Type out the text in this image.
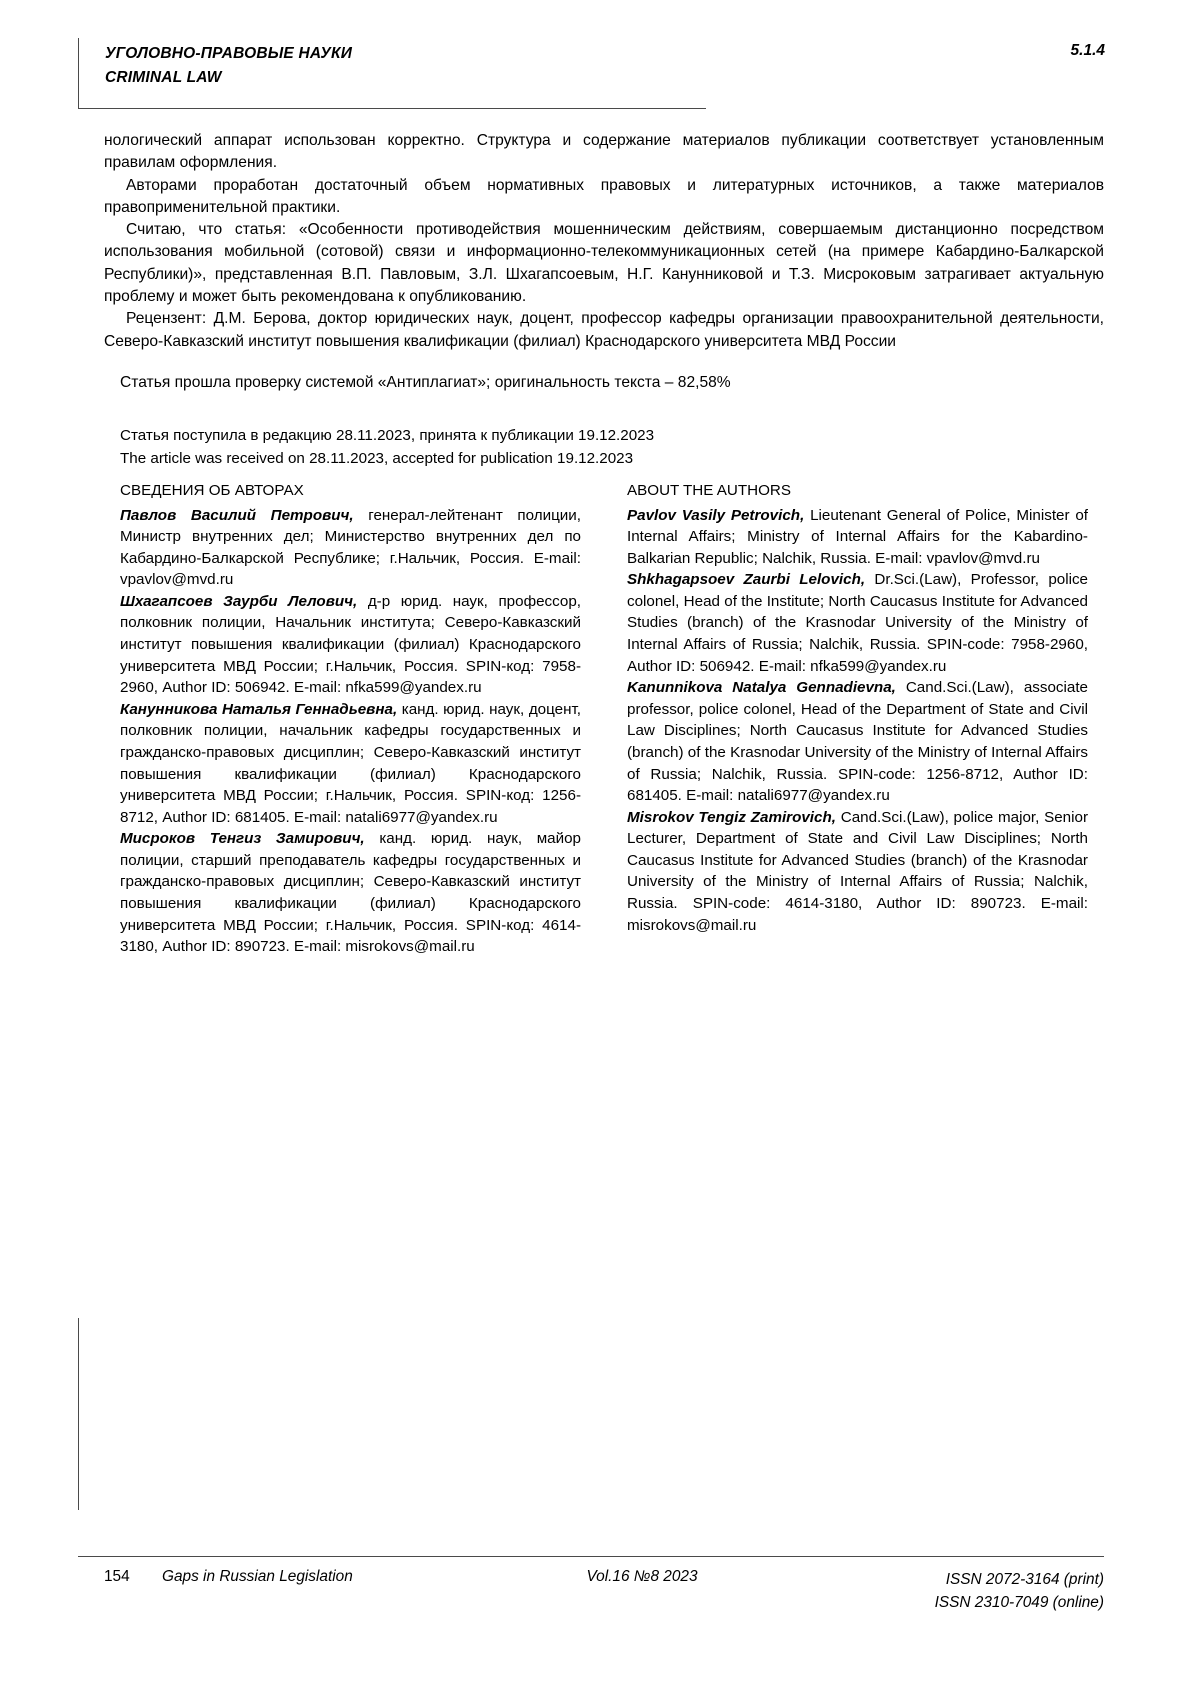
УГОЛОВНО-ПРАВОВЫЕ НАУКИ
CRIMINAL LAW
5.1.4

нологический аппарат использован корректно. Структура и содержание материалов публикации соответствует установленным правилам оформления.

Авторами проработан достаточный объем нормативных правовых и литературных источников, а также материалов правоприменительной практики.

Считаю, что статья: «Особенности противодействия мошенническим действиям, совершаемым дистанционно посредством использования мобильной (сотовой) связи и информационно-телекоммуникационных сетей (на примере Кабардино-Балкарской Республики)», представленная В.П. Павловым, З.Л. Шхагапсоевым, Н.Г. Канунниковой и Т.З. Мисроковым затрагивает актуальную проблему и может быть рекомендована к опубликованию.

Рецензент: Д.М. Берова, доктор юридических наук, доцент, профессор кафедры организации правоохранительной деятельности, Северо-Кавказский институт повышения квалификации (филиал) Краснодарского университета МВД России

Статья прошла проверку системой «Антиплагиат»; оригинальность текста – 82,58%

Статья поступила в редакцию 28.11.2023, принята к публикации 19.12.2023

The article was received on 28.11.2023, accepted for publication 19.12.2023

СВЕДЕНИЯ ОБ АВТОРАХ

Павлов Василий Петрович, генерал-лейтенант полиции, Министр внутренних дел; Министерство внутренних дел по Кабардино-Балкарской Республике; г.Нальчик, Россия. E-mail: vpavlov@mvd.ru

Шхагапсоев Заурби Лелович, д-р юрид. наук, профессор, полковник полиции, Начальник института; Северо-Кавказский институт повышения квалификации (филиал) Краснодарского университета МВД России; г.Нальчик, Россия. SPIN-код: 7958-2960, Author ID: 506942. E-mail: nfka599@yandex.ru

Канунникова Наталья Геннадьевна, канд. юрид. наук, доцент, полковник полиции, начальник кафедры государственных и гражданско-правовых дисциплин; Северо-Кавказский институт повышения квалификации (филиал) Краснодарского университета МВД России; г.Нальчик, Россия. SPIN-код: 1256-8712, Author ID: 681405. E-mail: natali6977@yandex.ru

Мисроков Тенгиз Замирович, канд. юрид. наук, майор полиции, старший преподаватель кафедры государственных и гражданско-правовых дисциплин; Северо-Кавказский институт повышения квалификации (филиал) Краснодарского университета МВД России; г.Нальчик, Россия. SPIN-код: 4614-3180, Author ID: 890723. E-mail: misrokovs@mail.ru

ABOUT THE AUTHORS

Pavlov Vasily Petrovich, Lieutenant General of Police, Minister of Internal Affairs; Ministry of Internal Affairs for the Kabardino-Balkarian Republic; Nalchik, Russia. E-mail: vpavlov@mvd.ru

Shkhagapsoev Zaurbi Lelovich, Dr.Sci.(Law), Professor, police colonel, Head of the Institute; North Caucasus Institute for Advanced Studies (branch) of the Krasnodar University of the Ministry of Internal Affairs of Russia; Nalchik, Russia. SPIN-code: 7958-2960, Author ID: 506942. E-mail: nfka599@yandex.ru

Kanunnikova Natalya Gennadievna, Cand.Sci.(Law), associate professor, police colonel, Head of the Department of State and Civil Law Disciplines; North Caucasus Institute for Advanced Studies (branch) of the Krasnodar University of the Ministry of Internal Affairs of Russia; Nalchik, Russia. SPIN-code: 1256-8712, Author ID: 681405. E-mail: natali6977@yandex.ru

Misrokov Tengiz Zamirovich, Cand.Sci.(Law), police major, Senior Lecturer, Department of State and Civil Law Disciplines; North Caucasus Institute for Advanced Studies (branch) of the Krasnodar University of the Ministry of Internal Affairs of Russia; Nalchik, Russia. SPIN-code: 4614-3180, Author ID: 890723. E-mail: misrokovs@mail.ru

154	Gaps in Russian Legislation	Vol.16 №8 2023	ISSN 2072-3164 (print)
ISSN 2310-7049 (online)
